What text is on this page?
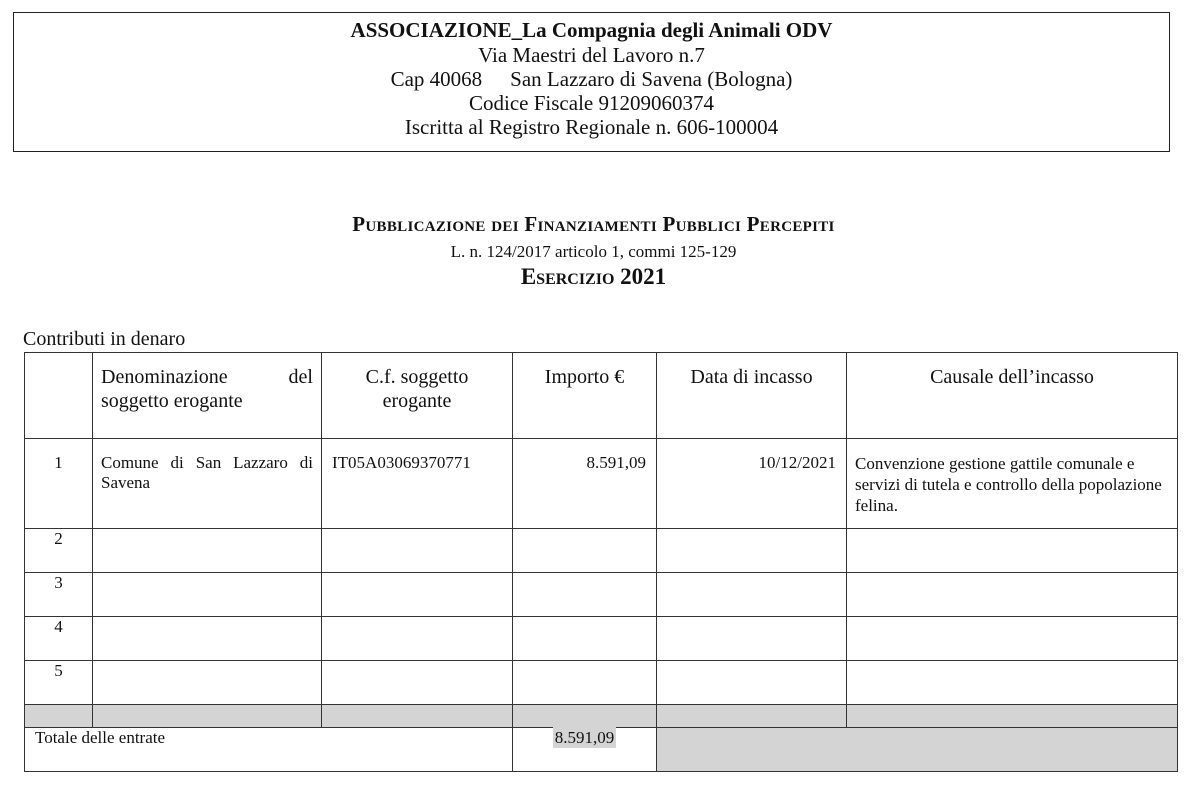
ASSOCIAZIONE_La Compagnia degli Animali ODV
Via Maestri del Lavoro n.7
Cap 40068 San Lazzaro di Savena (Bologna)
Codice Fiscale 91209060374
Iscritta al Registro Regionale n. 606-100004
Pubblicazione dei Finanziamenti Pubblici Percepiti
L. n. 124/2017 articolo 1, commi 125-129
Esercizio 2021
Contributi in denaro
	Denominazione del soggetto erogante	C.f. soggetto erogante	Importo €	Data di incasso	Causale dell’incasso
1	Comune di San Lazzaro di Savena	IT05A03069370771	8.591,09	10/12/2021	Convenzione gestione gattile comunale e servizi di tutela e controllo della popolazione felina.
2					
3					
4					
5					

Totale delle entrate			8.591,09		
